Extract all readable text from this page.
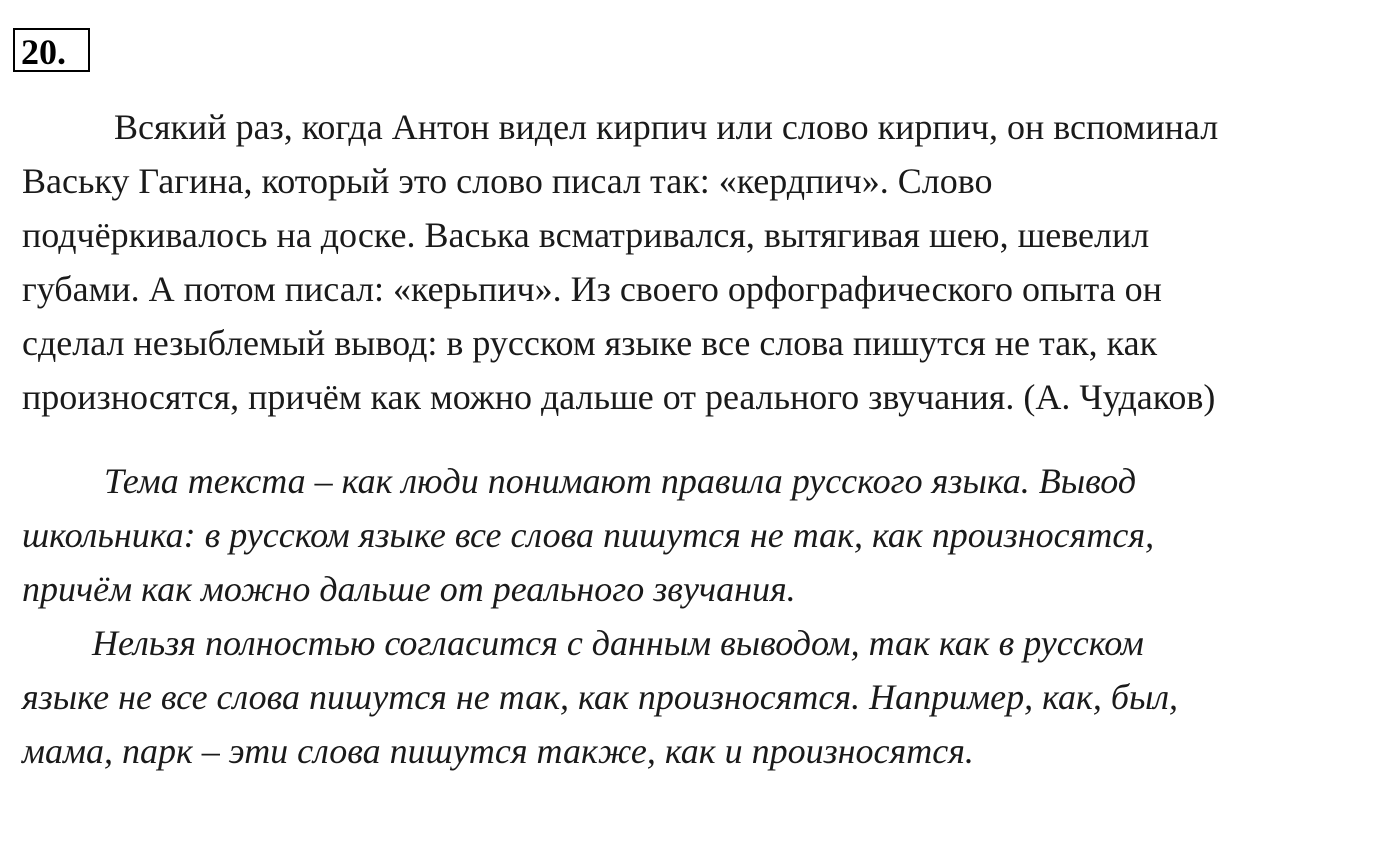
20.

Всякий раз, когда Антон видел кирпич или слово кирпич, он вспоминал
Ваську Гагина, который это слово писал так: «кердпич». Слово
подчёркивалось на доске. Васька всматривался, вытягивая шею, шевелил
губами. А потом писал: «керьпич». Из своего орфографического опыта он
сделал незыблемый вывод: в русском языке все слова пишутся не так, как
произносятся, причём как можно дальше от реального звучания. (А. Чудаков)

Тема текста – как люди понимают правила русского языка. Вывод
школьника: в русском языке все слова пишутся не так, как произносятся,
причём как можно дальше от реального звучания.

Нельзя полностью согласится с данным выводом, так как в русском
языке не все слова пишутся не так, как произносятся. Например, как, был,
мама, парк – эти слова пишутся также, как и произносятся.
